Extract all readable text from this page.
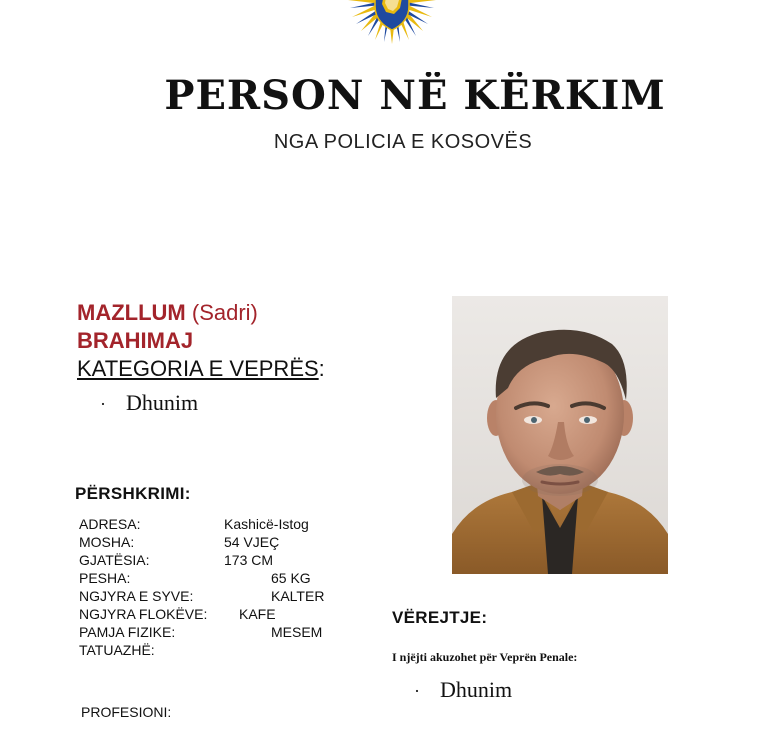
PERSON NË KËRKIM
NGA POLICIA E KOSOVËS
MAZLLUM (Sadri)
BRAHIMAJ
KATEGORIA E VEPRËS:
· Dhunim
PËRSHKRIMI:
ADRESA:	Kashicë-Istog
MOSHA:	54 VJEÇ
GJATËSIA:	173 CM
PESHA:	65 KG
NGJYRA E SYVE:	KALTER
NGJYRA FLOKËVE: KAFE
PAMJA FIZIKE:	MESEM
TATUAZHË:
PROFESIONI:
VËREJTJE:
I njëjti akuzohet për Veprën Penale:
· Dhunim
